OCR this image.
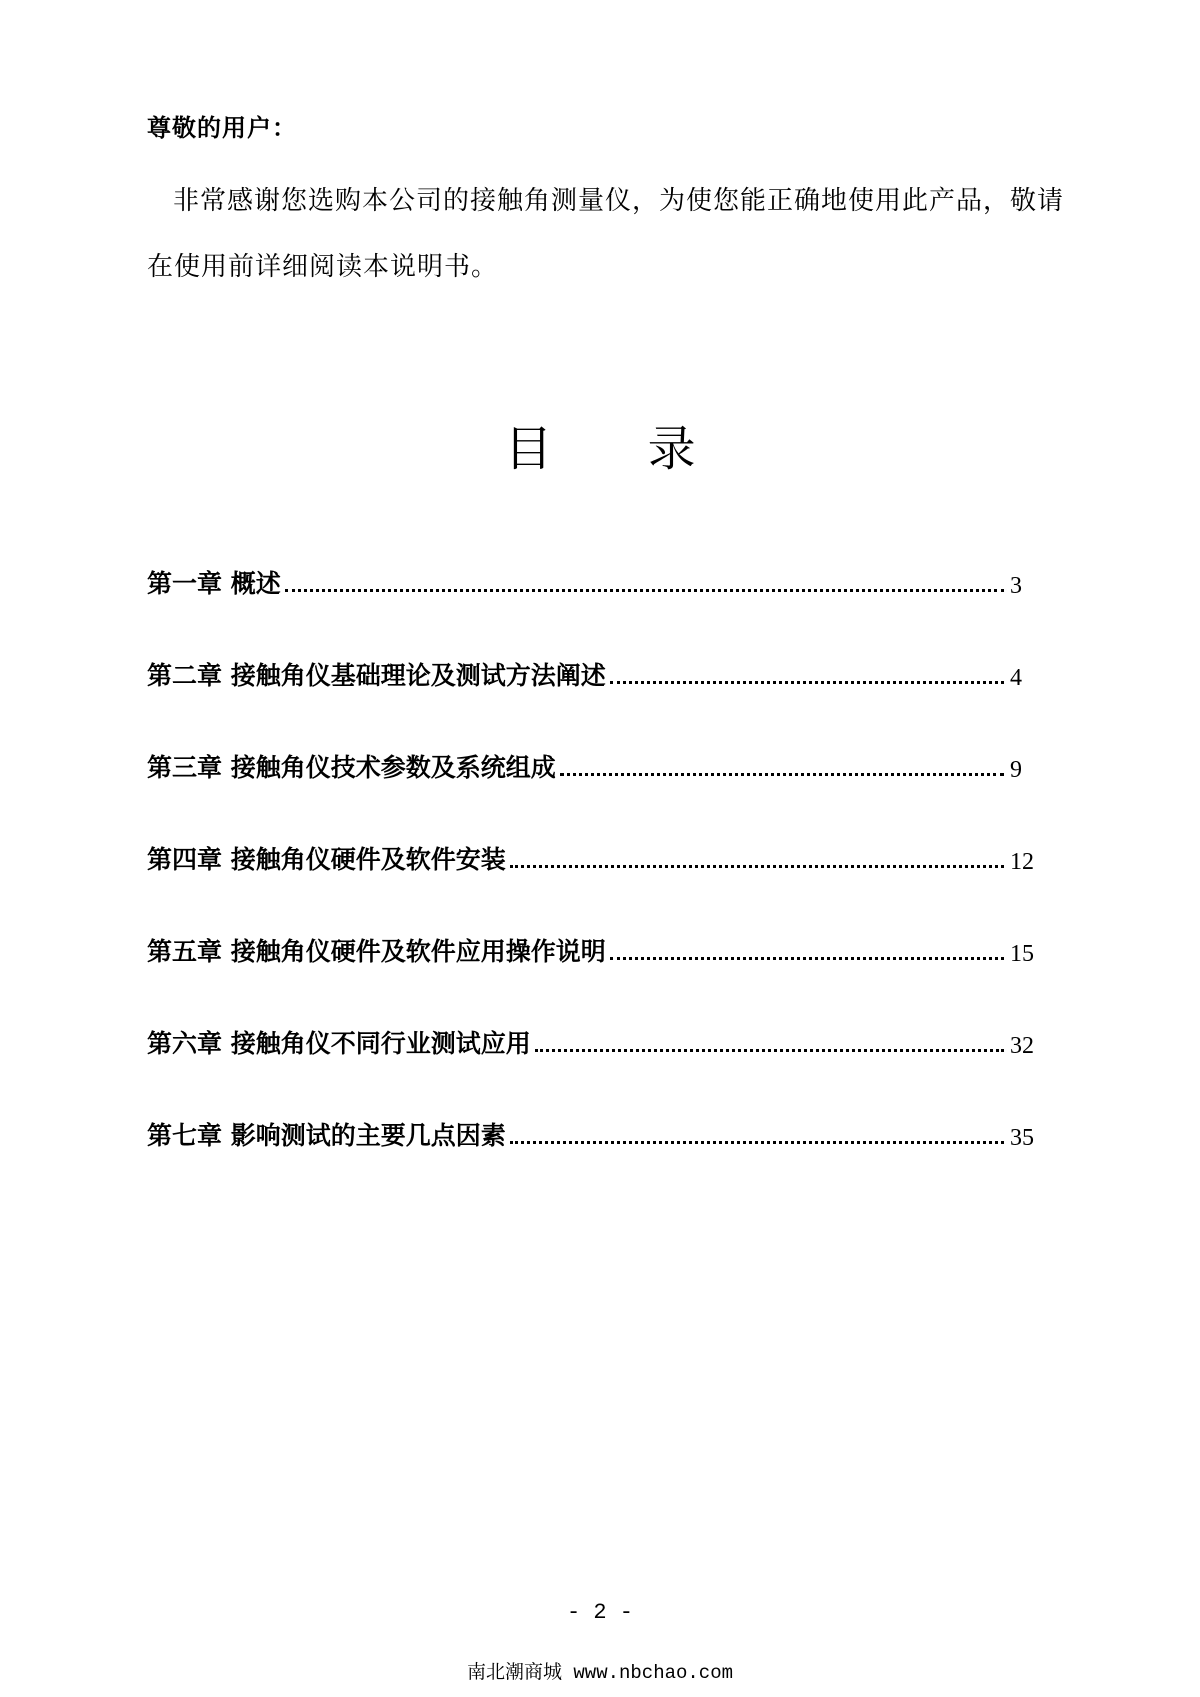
尊敬的用户：
非常感谢您选购本公司的接触角测量仪，为使您能正确地使用此产品，敬请在使用前详细阅读本说明书。
目 录
第一章 概述	3
第二章 接触角仪基础理论及测试方法阐述	4
第三章 接触角仪技术参数及系统组成	9
第四章 接触角仪硬件及软件安装	12
第五章 接触角仪硬件及软件应用操作说明	15
第六章 接触角仪不同行业测试应用	32
第七章 影响测试的主要几点因素	35
- 2 -
南北潮商城 www.nbchao.com
